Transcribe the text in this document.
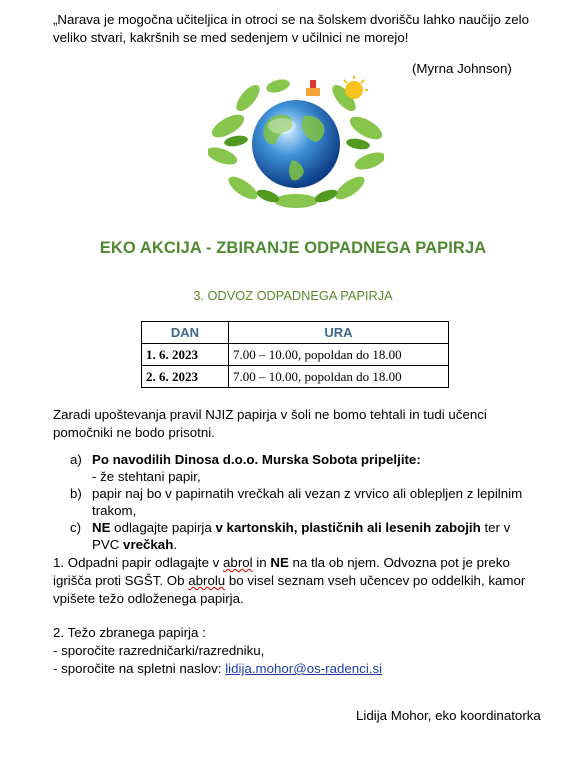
„Narava je mogočna učiteljica in otroci se na šolskem dvorišču lahko naučijo zelo veliko stvari, kakršnih se med sedenjem v učilnici ne morejo!
(Myrna Johnson)
EKO AKCIJA - ZBIRANJE ODPADNEGA PAPIRJA
3. ODVOZ ODPADNEGA PAPIRJA
DAN	URA
1. 6. 2023	7.00 – 10.00, popoldan do 18.00
2. 6. 2023	7.00 – 10.00, popoldan do 18.00
Zaradi upoštevanja pravil NJIZ papirja v šoli ne bomo tehtali in tudi učenci pomočniki ne bodo prisotni.
a) Po navodilih Dinosa d.o.o. Murska Sobota pripeljite:
- že stehtani papir,
b) papir naj bo v papirnatih vrečkah ali vezan z vrvico ali oblepljen z lepilnim trakom,
c) NE odlagajte papirja v kartonskih, plastičnih ali lesenih zabojih ter v PVC vrečkah.
1. Odpadni papir odlagajte v abrol in NE na tla ob njem. Odvozna pot je preko igrišča proti SGŠT. Ob abrolu bo visel seznam vseh učencev po oddelkih, kamor vpišete težo odloženega papirja.
2. Težo zbranega papirja :
- sporočite razredničarki/razredniku,
- sporočite na spletni naslov: lidija.mohor@os-radenci.si
Lidija Mohor, eko koordinatorka
